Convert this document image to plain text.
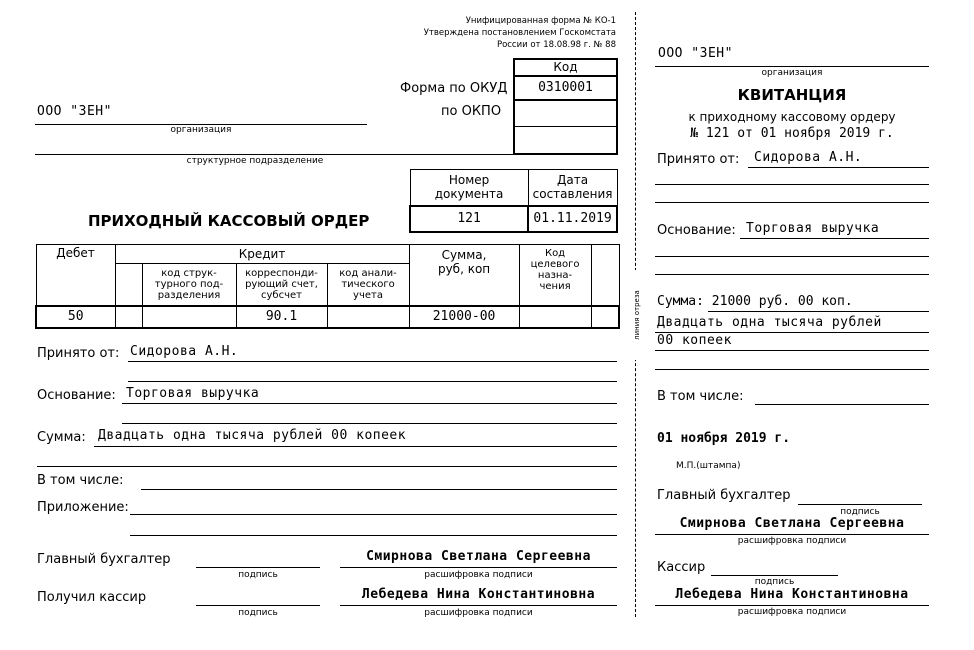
Унифицированная форма № КО-1
Утверждена постановлением Госкомстата
России от 18.08.98 г. № 88
Код
0310001
Форма по ОКУД
по ОКПО
ООО "ЗЕН"
организация
структурное подразделение
Номер документа	Дата составления
121	01.11.2019
ПРИХОДНЫЙ КАССОВЫЙ ОРДЕР
Дебет	Кредит				Сумма, руб, коп	Код целевого назна-чения	
		код струк-турного под-разделения	корреспонди-рующий счет, субсчет	код анали-тического учета			
50			90.1		21000-00		
Принято от: Сидорова А.Н.
Основание: Торговая выручка
Сумма: Двадцать одна тысяча рублей 00 копеек
В том числе:
Приложение:
Главный бухгалтер
подпись
Смирнова Светлана Сергеевна
расшифровка подписи
Получил кассир
подпись
Лебедева Нина Константиновна
расшифровка подписи
линия отреза
ООО "ЗЕН"
организация
КВИТАНЦИЯ
к приходному кассовому ордеру
№ 121 от 01 ноября 2019 г.
Принято от: Сидорова А.Н.
Основание: Торговая выручка
Сумма: 21000 руб. 00 коп.
Двадцать одна тысяча рублей
00 копеек
В том числе:
01 ноября 2019 г.
М.П.(штампа)
Главный бухгалтер
подпись
Смирнова Светлана Сергеевна
расшифровка подписи
Кассир
подпись
Лебедева Нина Константиновна
расшифровка подписи
